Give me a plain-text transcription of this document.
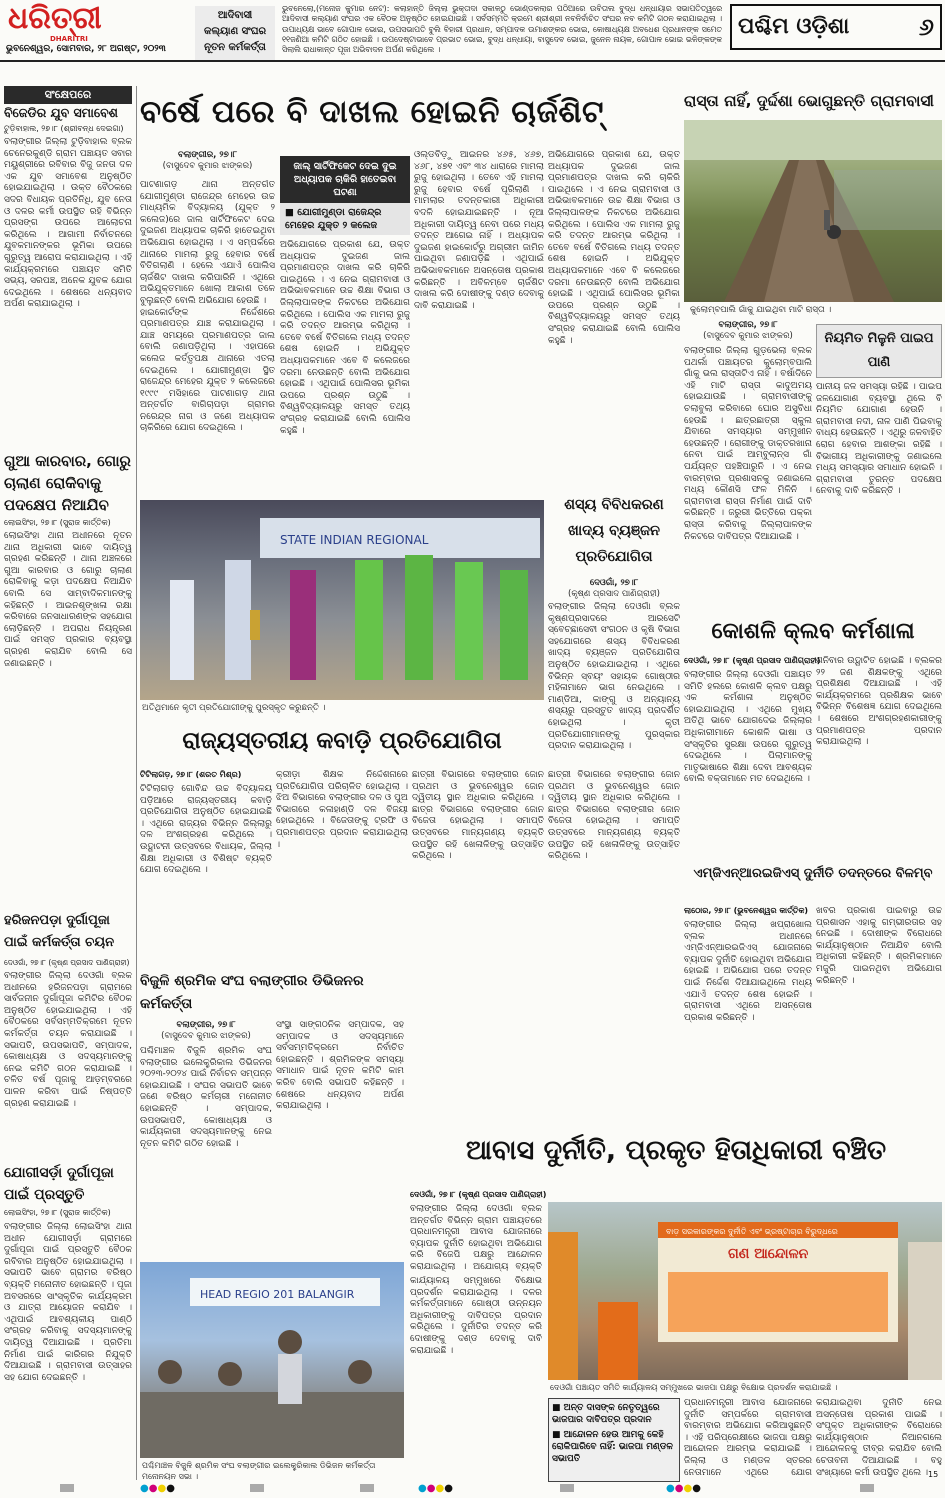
ଧରିତ୍ରୀ
DHARITRI
ଭୁବନେଶ୍ୱର, ସୋମବାର, ୨୮ ଅଗଷ୍ଟ, ୨୦୨୩
ଆଦିବାସୀ
କଲ୍ୟାଣ ସଂଘର
ନୂତନ କର୍ମକର୍ତ୍ତା
ଭୁବନେଲୋ,(ମନୋଜ କୁମାର ନେଟ): କଲାହାନ୍ତି ଜିଲ୍ଲା ଭୁକ୍ତାଦା ସକାଳଠୁ ଭୋଣ୍ଡକଲାର ପଠିଆରେ ଉବିତାଲ ବୁଦ୍ଧ ଧନ୍ଧାୟାର ସଭାପତିତ୍ୱରେ ଆଦିବାସୀ କଲ୍ୟାଣ ସଂଘର ଏକ ବୈଠକ ଅନୁଷ୍ଠିତ ହୋଇଯାଇଛି । ସର୍ବସମ୍ମତି କ୍ରମେ ଶ୍ରୀଶ୍ରୀ ନବନିର୍ବାଚିତ ସଂଘର ନବ କମିଟି ଗଠନ କରାଯାଇଥିଲା । ଉପାଧ୍ୟକ୍ଷ ଭାବେ ଗୋପାଳ ଭୋଇ, ଉପସଭାପତି ବୁଲି ବିହାରୀ ପ୍ରଧାନ, ସମ୍ପାଦକ ଉମାଶଙ୍କର ଭୋଇ, କୋଷାଧ୍ୟକ୍ଷ ଅବଧେଶ ପ୍ରଧାନଙ୍କ ସମେତ ୧୧ଜଣିଆ କମିଟି ଗଠିତ ହୋଇଛି । ଉପଦେଷ୍ଟାଭାବେ ପ୍ରଭାତ ଭୋଇ, ବୁଦ୍ଧ ଧନ୍ଧାୟା, ବାସୁଦେବ ଭୋଇ, ଜୁନେନ ନାୟକ, ଗୋପାଳ ଭୋଇ ଭଳିଙ୍କଙ୍କ ସିଲାଲି ରାଧାକାନ୍ତ ପୂଜା ଅଭିବାଦନ ଅର୍ପଣ କରିଥିଲେ ।
ପଶ୍ଚିମ ଓଡ଼ିଶା	୬
ସଂକ୍ଷେପରେ
ବିଜେଡିର ଯୁବ ସମାବେଶ
ଟୁଡ଼ିବାହାଲ, ୨୭।୮ (ଶ୍ରୀବନ୍ଧ ଦେଇଗା)
ବଲାଙ୍ଗୀର ଜିଲ୍ଲା ଟୁଡ଼ିବାହାଲ ବ୍ଲକ ଚେନେରକୁଣ୍ଡି ଗ୍ରାମ ପଞ୍ଚାୟତ ସବାର ମୟୁଶ୍ରୀରେ ରବିବାର ବିଜୁ ଜନତା ଦଳ ଏକ ଯୁବ ସମାବେଶ ଅନୁଷ୍ଠିତ ହୋଇଯାଇଥିଲା । ଉକ୍ତ ବୈଠକରେ ସଦର ବିଧାୟକ ପ୍ରତିନିଧି, ଯୁବ ନେତା ଓ ଦଳର କର୍ମୀ ଉପସ୍ଥିତ ରହି ବିଭିନ୍ନ ପ୍ରସଙ୍ଗ ଉପରେ ଆଲୋଚନା କରିଥିଲେ । ଆଗାମୀ ନିର୍ବାଚନରେ ଯୁବକମାନଙ୍କର ଭୂମିକା ଉପରେ ଗୁରୁତ୍ୱ ଆରୋପ କରାଯାଇଥିଲା । ଏହି କାର୍ଯ୍ୟକ୍ରମରେ ପଞ୍ଚାୟତ ସମିତି ସଭ୍ୟ, ସରପଞ୍ଚ, ଅନେକ ଯୁବକ ଯୋଗ ଦେଇଥିଲେ । ଶେଷରେ ଧନ୍ୟବାଦ ଅର୍ପଣ କରାଯାଇଥିଲା ।
ଗୁଆ କାରବାର, ଗୋରୁ ଚାଲାଣ ରୋକିବାକୁ ପଦକ୍ଷେପ ନିଆଯିବ
ଲୋଇସିଂହା, ୨୭।୮ (ସୁରାଜ କାର୍ତ୍ତିକ)
ଲୋଇସିଂହା ଥାନା ଅଧୀନରେ ନୂତନ ଥାନା ଅଧିକାରୀ ଭାବେ ଦାୟିତ୍ୱ ଗ୍ରହଣ କରିଛନ୍ତି । ଥାନା ଅଞ୍ଚଳରେ ଗୁଆ କାରବାର ଓ ଗୋରୁ ଚାଲାଣ ରୋକିବାକୁ କଡ଼ା ପଦକ୍ଷେପ ନିଆଯିବ ବୋଲି ସେ ସାମ୍ବାଦିକମାନଙ୍କୁ କହିଛନ୍ତି । ଆଇନଶୃଙ୍ଖଳା ରକ୍ଷା କରିବାରେ ଜନସାଧାରଣଙ୍କ ସହଯୋଗ ଲୋଡ଼ିଛନ୍ତି । ଅପରାଧ ନିୟନ୍ତ୍ରଣ ପାଇଁ ସମସ୍ତ ପ୍ରକାର ବ୍ୟବସ୍ଥା ଗ୍ରହଣ କରାଯିବ ବୋଲି ସେ ଜଣାଇଛନ୍ତି ।
ହରିଜନପଡ଼ା ଦୁର୍ଗାପୂଜା ପାଇଁ କର୍ମକର୍ତ୍ତା ଚୟନ
ଦେଓଗାଁ, ୨୭।୮ (କୃଷ୍ଣ ପ୍ରସାଦ ପାଣିଗ୍ରାହୀ)
ବଲାଙ୍ଗୀର ଜିଲ୍ଲା ଦେଓଗାଁ ବ୍ଲକ ଅଧୀନରେ ହରିଜନପଡ଼ା ଗ୍ରାମରେ ସାର୍ବଜନୀନ ଦୁର୍ଗାପୂଜା କମିଟିର ବୈଠକ ଅନୁଷ୍ଠିତ ହୋଇଯାଇଥିଲା । ଏହି ବୈଠକରେ ସର୍ବସମ୍ମତିକ୍ରମେ ନୂତନ କର୍ମକର୍ତ୍ତା ଚୟନ କରାଯାଇଛି । ସଭାପତି, ଉପସଭାପତି, ସମ୍ପାଦକ, କୋଷାଧ୍ୟକ୍ଷ ଓ ସଦସ୍ୟମାନଙ୍କୁ ନେଇ କମିଟି ଗଠନ କରାଯାଇଛି । ଚଳିତ ବର୍ଷ ପୂଜାକୁ ଆଡ଼ମ୍ବରରେ ପାଳନ କରିବା ପାଇଁ ନିଷ୍ପତ୍ତି ଗ୍ରହଣ କରାଯାଇଛି ।
ଯୋଗୀସର୍ଡ଼ା ଦୁର୍ଗାପୂଜା ପାଇଁ ପ୍ରସ୍ତୁତି
ଲୋଇସିଂହା, ୨୭।୮ (ସୁରାଜ କାର୍ତ୍ତିକ)
ବଲାଙ୍ଗୀର ଜିଲ୍ଲା ଲୋଇସିଂହା ଥାନା ଅଧୀନ ଯୋଗୀସର୍ଡ଼ା ଗ୍ରାମରେ ଦୁର୍ଗାପୂଜା ପାଇଁ ପ୍ରସ୍ତୁତି ବୈଠକ ରବିବାର ଅନୁଷ୍ଠିତ ହୋଇଯାଇଥିଲା । ସଭାପତି ଭାବେ ଗ୍ରାମର ବରିଷ୍ଠ ବ୍ୟକ୍ତି ମନୋନୀତ ହୋଇଛନ୍ତି । ପୂଜା ଅବସରରେ ସାଂସ୍କୃତିକ କାର୍ଯ୍ୟକ୍ରମ ଓ ଯାତ୍ରା ଆୟୋଜନ କରାଯିବ । ଏଥିପାଇଁ ଆବଶ୍ୟକୀୟ ପାଣ୍ଠି ସଂଗ୍ରହ କରିବାକୁ ସଦସ୍ୟମାନଙ୍କୁ ଦାୟିତ୍ୱ ଦିଆଯାଇଛି । ପ୍ରତିମା ନିର୍ମାଣ ପାଇଁ କାରିଗର ନିଯୁକ୍ତି ଦିଆଯାଇଛି । ଗ୍ରାମବାସୀ ଉତ୍ସାହର ସହ ଯୋଗ ଦେଇଛନ୍ତି ।
ବର୍ଷେ ପରେ ବି ଦାଖଲ ହୋଇନି ଚାର୍ଜଶିଟ୍‌
ବଲାଙ୍ଗୀର, ୨୭।୮
(ବାସୁଦେବ କୁମାର ଝାଙ୍କର)	ଜାଲ୍ ସାର୍ଟିଫିକେଟ ଦେଇ ଦୁଇ ଅଧ୍ୟାପକ ଚାକିରି ହାତେଇବା ଘଟଣା
■ ଯୋଗୀମୁଣ୍ଡା ରାଜେନ୍ଦ୍ର ମେହେର ଯୁକ୍ତ ୨ କଲେଜ
ପାଟଣାଗଡ଼ ଥାନା ଅନ୍ତର୍ଗତ ଯୋଗୀମୁଣ୍ଡା ରାଜେନ୍ଦ୍ର ମେହେର ଉଚ୍ଚ ମାଧ୍ୟମିକ ବିଦ୍ୟାଳୟ (ଯୁକ୍ତ ୨ କଲେଜ)ରେ ଜାଲ ସାର୍ଟିଫିକେଟ ଦେଇ ଦୁଇଜଣ ଅଧ୍ୟାପକ ଚାକିରି ହାତେଇଥିବା ଅଭିଯୋଗ ହୋଇଥିଲା । ଏ ସମ୍ପର୍କରେ ଥାନାରେ ମାମଲା ରୁଜୁ ହେବାର ବର୍ଷେ ବିତିଗଲାଣି । ହେଲେ ଏଯାଏଁ ପୋଲିସ ଚାର୍ଜଶିଟ ଦାଖଲ କରିପାରିନି । ଏଥିରେ ଅଭିଯୁକ୍ତମାନେ ଖୋଲା ଆକାଶ ତଳେ ବୁଲୁଛନ୍ତି ବୋଲି ଅଭିଯୋଗ ହେଉଛି ।
ହାଇକୋର୍ଟଙ୍କ ନିର୍ଦ୍ଦେଶରେ ପ୍ରମାଣପତ୍ର ଯାଞ୍ଚ କରାଯାଇଥିଲା । ଯାଞ୍ଚ ସମୟରେ ପ୍ରମାଣପତ୍ର ଜାଲ ବୋଲି ଜଣାପଡ଼ିଥିଲା । ଏହାପରେ କଲେଜ କର୍ତ୍ତୃପକ୍ଷ ଥାନାରେ ଏତଲା ଦେଇଥିଲେ । ଯୋଗୀମୁଣ୍ଡା ସ୍ଥିତ ରାଜେନ୍ଦ୍ର ମେହେର ଯୁକ୍ତ ୨ କଲେଜରେ ୧୯୯୯ ମସିହାରେ ପାଟଣାଗଡ଼ ଥାନା ଅନ୍ତର୍ଗତ ବାଗିଚାପଡ଼ା ଗ୍ରାମର ନରେନ୍ଦ୍ର ନାଗ ଓ ଜଣେ ଅଧ୍ୟାପକ ଚାକିରିରେ ଯୋଗ ଦେଇଥିଲେ ।
ଅଭିଯୋଗରେ ପ୍ରକାଶ ଯେ, ଉକ୍ତ ଅଧ୍ୟାପକ ଦୁଇଜଣ ଜାଲ ପ୍ରମାଣପତ୍ର ଦାଖଲ କରି ଚାକିରି ପାଇଥିଲେ । ଏ ନେଇ ଗ୍ରାମବାସୀ ଓ ଅଭିଭାବକମାନେ ଉଚ୍ଚ ଶିକ୍ଷା ବିଭାଗ ଓ ଜିଲ୍ଲାପାଳଙ୍କ ନିକଟରେ ଅଭିଯୋଗ କରିଥିଲେ । ପୋଲିସ ଏକ ମାମଲା ରୁଜୁ କରି ତଦନ୍ତ ଆରମ୍ଭ କରିଥିଲା । ତେବେ ବର୍ଷେ ବିତିଗଲେ ମଧ୍ୟ ତଦନ୍ତ ଶେଷ ହୋଇନି । ଅଭିଯୁକ୍ତ ଅଧ୍ୟାପକମାନେ ଏବେ ବି କଲେଜରେ ଦରମା ନେଉଛନ୍ତି ବୋଲି ଅଭିଯୋଗ ହୋଇଛି । ଏଥିପାଇଁ ପୋଲିସର ଭୂମିକା ଉପରେ ପ୍ରଶ୍ନ ଉଠୁଛି । ବିଶ୍ୱବିଦ୍ୟାଳୟରୁ ସମସ୍ତ ତଥ୍ୟ ସଂଗ୍ରହ କରାଯାଇଛି ବୋଲି ପୋଲିସ କହୁଛି ।
ଓଲ୍ଡବିଡ଼ୁ ଆଇନର ୪୬୫, ୪୬୭, ୪୬୮, ୪୭୧ ଏବଂ ୩୪ ଧାରାରେ ମାମଲା ରୁଜୁ ହୋଇଥିଲା । ତେବେ ଏହି ମାମଲା ରୁଜୁ ହେବାର ବର୍ଷେ ପୂରିଲାଣି । ମାମଲାର ତଦନ୍ତକାରୀ ଅଧିକାରୀ ବଦଳି ହୋଇଯାଇଛନ୍ତି । ନୂଆ ଅଧିକାରୀ ଦାୟିତ୍ୱ ନେବା ପରେ ମଧ୍ୟ ତଦନ୍ତ ଆଗେଇ ନାହିଁ । ଅଧ୍ୟାପକ ଦୁଇଜଣ ହାଇକୋର୍ଟରୁ ଅଗ୍ରୀମ ଜାମିନ ପାଇଥିବା ଜଣାପଡ଼ିଛି । ଏଥିପାଇଁ ଅଭିଭାବକମାନେ ଅସନ୍ତୋଷ ପ୍ରକାଶ କରିଛନ୍ତି । ଅବିଳମ୍ବେ ଚାର୍ଜଶିଟ ଦାଖଲ କରି ଦୋଷୀଙ୍କୁ ଦଣ୍ଡ ଦେବାକୁ ଦାବି କରାଯାଇଛି ।
ଅଭିଯୋଗରେ ପ୍ରକାଶ ଯେ, ଉକ୍ତ ଅଧ୍ୟାପକ ଦୁଇଜଣ ଜାଲ ପ୍ରମାଣପତ୍ର ଦାଖଲ କରି ଚାକିରି ପାଇଥିଲେ । ଏ ନେଇ ଗ୍ରାମବାସୀ ଓ ଅଭିଭାବକମାନେ ଉଚ୍ଚ ଶିକ୍ଷା ବିଭାଗ ଓ ଜିଲ୍ଲାପାଳଙ୍କ ନିକଟରେ ଅଭିଯୋଗ କରିଥିଲେ । ପୋଲିସ ଏକ ମାମଲା ରୁଜୁ କରି ତଦନ୍ତ ଆରମ୍ଭ କରିଥିଲା । ତେବେ ବର୍ଷେ ବିତିଗଲେ ମଧ୍ୟ ତଦନ୍ତ ଶେଷ ହୋଇନି । ଅଭିଯୁକ୍ତ ଅଧ୍ୟାପକମାନେ ଏବେ ବି କଲେଜରେ ଦରମା ନେଉଛନ୍ତି ବୋଲି ଅଭିଯୋଗ ହୋଇଛି । ଏଥିପାଇଁ ପୋଲିସର ଭୂମିକା ଉପରେ ପ୍ରଶ୍ନ ଉଠୁଛି । ବିଶ୍ୱବିଦ୍ୟାଳୟରୁ ସମସ୍ତ ତଥ୍ୟ ସଂଗ୍ରହ କରାଯାଇଛି ବୋଲି ପୋଲିସ କହୁଛି ।
ରାସ୍ତା ନାହିଁ, ଦୁର୍ଦ୍ଦଶା ଭୋଗୁଛନ୍ତି ଗ୍ରାମବାସୀ
କୁଲୋମ୍ବପାଲି ଗାଁକୁ ଯାଇଥିବା ମାଟି ରାସ୍ତା ।
ବଲାଙ୍ଗୀର, ୨୭।୮
(ବାସୁଦେବ କୁମାର ଝାଙ୍କର)	ନିୟମିତ ମିଳୁନି ପାଇପ ପାଣି
ବଲାଙ୍ଗୀର ଜିଲ୍ଲା ଗୁଡ଼ଭେଲା ବ୍ଲକ ପଥର୍ଲା ପଞ୍ଚାୟତର କୁଲୋମ୍ବପାଲି ଗାଁକୁ ଭଲ ରାସ୍ତାଟିଏ ନାହିଁ । ବର୍ଷାଦିନେ ଏହି ମାଟି ରାସ୍ତା କାଦୁଅମୟ ହୋଇଯାଉଛି । ଗ୍ରାମବାସୀଙ୍କୁ ଚଲାବୁଲା କରିବାରେ ଘୋର ଅସୁବିଧା ହେଉଛି । ଛାତ୍ରଛାତ୍ରୀ ସ୍କୁଲ ଯିବାରେ ସମସ୍ୟାର ସମ୍ମୁଖୀନ ହେଉଛନ୍ତି । ରୋଗୀଙ୍କୁ ଡାକ୍ତରଖାନା ନେବା ପାଇଁ ଆମ୍ବୁଲାନ୍ସ ଗାଁ ପର୍ଯ୍ୟନ୍ତ ପହଞ୍ଚିପାରୁନି । ଏ ନେଇ ବାରମ୍ବାର ପ୍ରଶାସନକୁ ଜଣାଇଲେ ମଧ୍ୟ କୌଣସି ଫଳ ମିଳିନି । ଗ୍ରାମବାସୀ ରାସ୍ତା ନିର୍ମାଣ ପାଇଁ ଦାବି କରିଛନ୍ତି । ଜରୁରୀ ଭିତ୍ତିରେ ପକ୍କା ରାସ୍ତା କରିବାକୁ ଜିଲ୍ଲାପାଳଙ୍କ ନିକଟରେ ଦାବିପତ୍ର ଦିଆଯାଇଛି ।
ପାନୀୟ ଜଳ ସମସ୍ୟା ରହିଛି । ପାଇପ ଜଳଯୋଗାଣ ବ୍ୟବସ୍ଥା ଥିଲେ ବି ନିୟମିତ ଯୋଗାଣ ହେଉନି । ଗ୍ରାମବାସୀ ନଦୀ, ନାଳ ପାଣି ପିଇବାକୁ ବାଧ୍ୟ ହେଉଛନ୍ତି । ଏଥିରୁ ଜଳବାହିତ ରୋଗ ହେବାର ଆଶଙ୍କା ରହିଛି । ବିଭାଗୀୟ ଅଧିକାରୀଙ୍କୁ ଜଣାଇଲେ ମଧ୍ୟ ସମସ୍ୟାର ସମାଧାନ ହୋଇନି । ଗ୍ରାମବାସୀ ତୁରନ୍ତ ପଦକ୍ଷେପ ନେବାକୁ ଦାବି କରିଛନ୍ତି ।
STATE INDIAN REGIONAL
ଅତିଥିମାନେ କୃତୀ ପ୍ରତିଯୋଗୀଙ୍କୁ ପୁରସ୍କୃତ କରୁଛନ୍ତି ।
ଶସ୍ୟ ବିବିଧକରଣ ଖାଦ୍ୟ ବ୍ୟଞ୍ଜନ ପ୍ରତିଯୋଗିତା
ଦେଓଗାଁ, ୨୭।୮
(କୃଷ୍ଣ ପ୍ରସାଦ ପାଣିଗ୍ରାହୀ)
ବଲାଙ୍ଗୀର ଜିଲ୍ଲା ଦେଓଗାଁ ବ୍ଲକ କୃଷ୍ଣପ୍ରସାଦରେ ଆରସେଟି ସ୍ବେଚ୍ଛାସେବୀ ସଂଗଠନ ଓ କୃଷି ବିଭାଗ ସହଯୋଗରେ ଶସ୍ୟ ବିବିଧକରଣ ଖାଦ୍ୟ ବ୍ୟଞ୍ଜନ ପ୍ରତିଯୋଗିତା ଅନୁଷ୍ଠିତ ହୋଇଯାଇଥିଲା । ଏଥିରେ ବିଭିନ୍ନ ସ୍ବୟଂ ସହାୟକ ଗୋଷ୍ଠୀର ମହିଳାମାନେ ଭାଗ ନେଇଥିଲେ । ମାଣ୍ଡିଆ, କାଙ୍ଗୁ ଓ ଅନ୍ୟାନ୍ୟ ଶସ୍ୟରୁ ପ୍ରସ୍ତୁତ ଖାଦ୍ୟ ପ୍ରଦର୍ଶିତ ହୋଇଥିଲା । କୃତୀ ପ୍ରତିଯୋଗୀମାନଙ୍କୁ ପୁରସ୍କାର ପ୍ରଦାନ କରାଯାଇଥିଲା ।
କୋଶଳି କ୍ଲବ କର୍ମଶାଳା
ଦେଓଗାଁ, ୨୭।୮ (କୃଷ୍ଣ ପ୍ରସାଦ ପାଣିଗ୍ରାହୀ)
ବଲାଙ୍ଗୀର ଜିଲ୍ଲା ଦେଓଗାଁ ପଞ୍ଚାୟତ ସମିତି ହଲରେ କୋଶଳି କ୍ଲବ ପକ୍ଷରୁ ଏକ କର୍ମଶାଳା ଅନୁଷ୍ଠିତ ହୋଇଯାଇଥିଲା । ଏଥିରେ ମୁଖ୍ୟ ଅତିଥି ଭାବେ ଯୋଗଦେଇ ଜିଲ୍ଲାର ଅଧିକାରୀମାନେ କୋଶଳି ଭାଷା ଓ ସଂସ୍କୃତିର ସୁରକ୍ଷା ଉପରେ ଗୁରୁତ୍ୱ ଦେଇଥିଲେ । ପିଲାମାନଙ୍କୁ ମାତୃଭାଷାରେ ଶିକ୍ଷା ଦେବା ଆବଶ୍ୟକ ବୋଲି ବକ୍ତାମାନେ ମତ ଦେଇଥିଲେ ।
ଶନିବାର ଉଦ୍ଘାଟିତ ହୋଇଛି । ବ୍ଲକର ୨୨ ଜଣ ଶିକ୍ଷକଙ୍କୁ ଏଥିରେ ପ୍ରଶିକ୍ଷଣ ଦିଆଯାଇଛି । ଏହି କାର୍ଯ୍ୟକ୍ରମରେ ପ୍ରଶିକ୍ଷକ ଭାବେ ବିଭିନ୍ନ ବିଶେଷଜ୍ଞ ଯୋଗ ଦେଇଥିଲେ । ଶେଷରେ ଅଂଶଗ୍ରହଣକାରୀଙ୍କୁ ପ୍ରମାଣପତ୍ର ପ୍ରଦାନ କରାଯାଇଥିଲା ।
ରାଜ୍ୟସ୍ତରୀୟ କବାଡ଼ି ପ୍ରତିଯୋଗିତା
ଟିଟିଲାଗଡ଼, ୨୭।୮ (ଶରତ ମିଶ୍ର)
ଟିଟିଲାଗଡ଼ ଗୋବିନ୍ଦ ଉଚ୍ଚ ବିଦ୍ୟାଳୟ ପଡ଼ିଆରେ ରାଜ୍ୟସ୍ତରୀୟ କବାଡ଼ି ପ୍ରତିଯୋଗିତା ଅନୁଷ୍ଠିତ ହୋଇଯାଇଛି । ଏଥିରେ ରାଜ୍ୟର ବିଭିନ୍ନ ଜିଲ୍ଲାରୁ ଦଳ ଅଂଶଗ୍ରହଣ କରିଥିଲେ । ଉଦ୍ଘାଟନୀ ଉତ୍ସବରେ ବିଧାୟକ, ଜିଲ୍ଲା ଶିକ୍ଷା ଅଧିକାରୀ ଓ ବିଶିଷ୍ଟ ବ୍ୟକ୍ତି ଯୋଗ ଦେଇଥିଲେ ।
କ୍ରୀଡ଼ା ଶିକ୍ଷକ ନିର୍ଦ୍ଦେଶନାରେ ପ୍ରତିଯୋଗିତା ପରିଚାଳିତ ହୋଇଥିଲା । ଝିଅ ବିଭାଗରେ ବଲାଙ୍ଗୀର ଦଳ ଓ ପୁଅ ବିଭାଗରେ କଳାହାଣ୍ଡି ଦଳ ବିଜୟୀ ହୋଇଥିଲେ । ବିଜେତାଙ୍କୁ ଟ୍ରଫି ଓ ପ୍ରମାଣପତ୍ର ପ୍ରଦାନ କରାଯାଇଥିଲା ।
ଛାତ୍ରୀ ବିଭାଗରେ ବଲାଙ୍ଗୀର ଜୋନ ପ୍ରଥମ ଓ ଭୁବନେଶ୍ୱର ଜୋନ ଦ୍ୱିତୀୟ ସ୍ଥାନ ଅଧିକାର କରିଥିଲେ । ଛାତ୍ର ବିଭାଗରେ ବଲାଙ୍ଗୀର ଜୋନ ବିଜେତା ହୋଇଥିଲା । ସମାପ୍ତି ଉତ୍ସବରେ ମାନ୍ୟଗଣ୍ୟ ବ୍ୟକ୍ତି ଉପସ୍ଥିତ ରହି ଖେଳାଳିଙ୍କୁ ଉତ୍ସାହିତ କରିଥିଲେ ।
ଛାତ୍ରୀ ବିଭାଗରେ ବଲାଙ୍ଗୀର ଜୋନ ପ୍ରଥମ ଓ ଭୁବନେଶ୍ୱର ଜୋନ ଦ୍ୱିତୀୟ ସ୍ଥାନ ଅଧିକାର କରିଥିଲେ । ଛାତ୍ର ବିଭାଗରେ ବଲାଙ୍ଗୀର ଜୋନ ବିଜେତା ହୋଇଥିଲା । ସମାପ୍ତି ଉତ୍ସବରେ ମାନ୍ୟଗଣ୍ୟ ବ୍ୟକ୍ତି ଉପସ୍ଥିତ ରହି ଖେଳାଳିଙ୍କୁ ଉତ୍ସାହିତ କରିଥିଲେ ।
ଏମ୍‌ଜିଏନ୍‌ଆରଇଜିଏସ୍ ଦୁର୍ନୀତି ତଦନ୍ତରେ ବିଳମ୍ବ
ଲାଠୋର, ୨୭।୮ (ଭୁବନେଶ୍ୱର କାର୍ତ୍ତିକ)
ବଲାଙ୍ଗୀର ଜିଲ୍ଲା ଖପ୍ରାଖୋଲ ବ୍ଲକ ଅଧୀନରେ ଏମ୍‌ଜିଏନ୍‌ଆରଇଜିଏସ୍ ଯୋଜନାରେ ବ୍ୟାପକ ଦୁର୍ନୀତି ହୋଇଥିବା ଅଭିଯୋଗ ହୋଇଛି । ଅଭିଯୋଗ ପରେ ତଦନ୍ତ ପାଇଁ ନିର୍ଦ୍ଦେଶ ଦିଆଯାଇଥିଲେ ମଧ୍ୟ ଏଯାଏଁ ତଦନ୍ତ ଶେଷ ହୋଇନି । ଗ୍ରାମବାସୀ ଏଥିରେ ଅସନ୍ତୋଷ ପ୍ରକାଶ କରିଛନ୍ତି ।
ଖବର ପ୍ରକାଶ ପାଇବାରୁ ଉଚ୍ଚ ପ୍ରଶାସନ ଏହାକୁ ଗମ୍ଭୀରତାର ସହ ନେଇଛି । ଦୋଷୀଙ୍କ ବିରୋଧରେ କାର୍ଯ୍ୟାନୁଷ୍ଠାନ ନିଆଯିବ ବୋଲି ଅଧିକାରୀ କହିଛନ୍ତି । ଶ୍ରମିକମାନେ ମଜୁରି ପାଇନଥିବା ଅଭିଯୋଗ କରିଛନ୍ତି ।
ବିଜୁଳି ଶ୍ରମିକ ସଂଘ ବଲାଙ୍ଗୀର ଡିଭିଜନର କର୍ମକର୍ତ୍ତା
ବଲାଙ୍ଗୀର, ୨୭।୮
(ବାସୁଦେବ କୁମାର ଝାଙ୍କର)
ପଶ୍ଚିମାଞ୍ଚଳ ବିଜୁଳି ଶ୍ରମିକ ସଂଘ ବଲାଙ୍ଗୀର ଇଲେକ୍ଟ୍ରିକାଲ ଡିଭିଜନର ୨୦୨୩-୨୦୨୪ ପାଇଁ ନିର୍ବାଚନ ସମ୍ପନ୍ନ ହୋଇଯାଇଛି । ସଂଘର ସଭାପତି ଭାବେ ଜଣେ ବରିଷ୍ଠ କର୍ମଚାରୀ ମନୋନୀତ ହୋଇଛନ୍ତି । ସମ୍ପାଦକ, ଉପସଭାପତି, କୋଷାଧ୍ୟକ୍ଷ ଓ କାର୍ଯ୍ୟକାରୀ ସଦସ୍ୟମାନଙ୍କୁ ନେଇ ନୂତନ କମିଟି ଗଠିତ ହୋଇଛି ।
ସଂସ୍ଥା ସାଙ୍ଗଠନିକ ସମ୍ପାଦକ, ସହ ସମ୍ପାଦକ ଓ ସଦସ୍ୟମାନେ ସର୍ବସମ୍ମତିକ୍ରମେ ନିର୍ବାଚିତ ହୋଇଛନ୍ତି । ଶ୍ରମିକଙ୍କ ସମସ୍ୟା ସମାଧାନ ପାଇଁ ନୂତନ କମିଟି କାମ କରିବ ବୋଲି ସଭାପତି କହିଛନ୍ତି । ଶେଷରେ ଧନ୍ୟବାଦ ଅର୍ପଣ କରାଯାଇଥିଲା ।
HEAD REGIO 201 BALANGIR
ପଶ୍ଚିମାଞ୍ଚଳ ବିଜୁଳି ଶ୍ରମିକ ସଂଘ ବଲାଙ୍ଗୀର ଇଲେକ୍ଟ୍ରିକାଲ ଡିଭିଜନ କର୍ମକର୍ତ୍ତା ମନୋନୟନ ସଭା ।
ଆବାସ ଦୁର୍ନୀତି, ପ୍ରକୃତ ହିତାଧିକାରୀ ବଞ୍ଚିତ
ଦେଓଗାଁ, ୨୭।୮ (କୃଷ୍ଣ ପ୍ରସାଦ ପାଣିଗ୍ରାହୀ)
ବଲାଙ୍ଗୀର ଜିଲ୍ଲା ଦେଓଗାଁ ବ୍ଲକ ଅନ୍ତର୍ଗତ ବିଭିନ୍ନ ଗ୍ରାମ ପଞ୍ଚାୟତରେ ପ୍ରଧାନମନ୍ତ୍ରୀ ଆବାସ ଯୋଜନାରେ ବ୍ୟାପକ ଦୁର୍ନୀତି ହୋଇଥିବା ଅଭିଯୋଗ କରି ବିଜେପି ପକ୍ଷରୁ ଆନ୍ଦୋଳନ କରାଯାଇଥିଲା । ଅଯୋଗ୍ୟ ବ୍ୟକ୍ତି
କାର୍ଯ୍ୟାଳୟ ସମ୍ମୁଖରେ ବିକ୍ଷୋଭ ପ୍ରଦର୍ଶନ କରାଯାଇଥିଲା । ଦଳର କର୍ମକର୍ତ୍ତାମାନେ ଗୋଷ୍ଠୀ ଉନ୍ନୟନ ଅଧିକାରୀଙ୍କୁ ଦାବିପତ୍ର ପ୍ରଦାନ କରିଥିଲେ । ଦୁର୍ନୀତିର ତଦନ୍ତ କରି ଦୋଷୀଙ୍କୁ ଦଣ୍ଡ ଦେବାକୁ ଦାବି କରାଯାଇଛି ।
ବାଡ଼ ସରକାରଙ୍କର ଦୁର୍ନୀତି ଏବଂ ଭ୍ରଷ୍ଟାଚାର ବିରୁଦ୍ଧରେ
ଗଣ ଆନ୍ଦୋଳନ
ଦେଓଗାଁ ପଞ୍ଚାୟତ ସମିତି କାର୍ଯ୍ୟାଳୟ ସମ୍ମୁଖରେ ଭାଜପା ପକ୍ଷରୁ ବିକ୍ଷୋଭ ପ୍ରଦର୍ଶନ କରାଯାଇଛି ।
■ ଅନ୍ତ ଦାସଙ୍କ ନେତୃତ୍ୱରେ ଭାଜପାର ଦାବିପତ୍ର ପ୍ରଦାନ
■ ଆନ୍ଦୋଳନ ହେଉ ଆମକୁ କେହି ରୋକିପାରିବେ ନାହିଁ: ଭାଜପା ମଣ୍ଡଳ ସଭାପତି
ପ୍ରଧାନମନ୍ତ୍ରୀ ଆବାସ ଯୋଜନାରେ ଦୁର୍ନୀତି ସମ୍ପର୍କରେ ଗ୍ରାମବାସୀ ବାରମ୍ବାର ଅଭିଯୋଗ କରିଆସୁଛନ୍ତି । ଏହି ପରିପ୍ରେକ୍ଷୀରେ ଭାଜପା ପକ୍ଷରୁ ଆନ୍ଦୋଳନ ଆରମ୍ଭ କରାଯାଇଛି । ଜିଲ୍ଲା ଓ ମଣ୍ଡଳ ସ୍ତରର ନେତାମାନେ ଏଥିରେ ଯୋଗ
କରାଯାଇଥିବା ଦୁର୍ନୀତି ନେଇ ଅସନ୍ତୋଷ ପ୍ରକାଶ ପାଇଛି । ସଂପୃକ୍ତ ଅଧିକାରୀଙ୍କ ବିରୋଧରେ କାର୍ଯ୍ୟାନୁଷ୍ଠାନ ନିଆନଗଲେ ଆନ୍ଦୋଳନକୁ ତୀବ୍ର କରାଯିବ ବୋଲି ଚେତାବନୀ ଦିଆଯାଇଛି । ବହୁ ସଂଖ୍ୟାରେ କର୍ମୀ ଉପସ୍ଥିତ ଥିଲେ ।
●●●●	●●●●	●●●●
15
